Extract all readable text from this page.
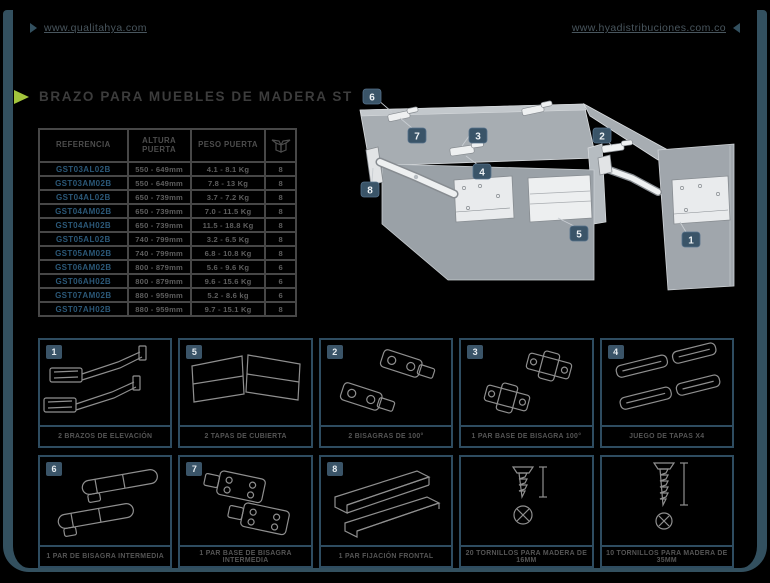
www.qualitahya.com	www.hyadistribuciones.com.co
BRAZO PARA MUEBLES DE MADERA ST
REFERENCIA	ALTURA PUERTA	PESO PUERTA
GST03AL02B	550 - 649mm	4.1 - 8.1 Kg	8
GST03AM02B	550 - 649mm	7.8 - 13 Kg	8
GST04AL02B	650 - 739mm	3.7 - 7.2 Kg	8
GST04AM02B	650 - 739mm	7.0 - 11.5 Kg	8
GST04AH02B	650 - 739mm	11.5 - 18.8 Kg	8
GST05AL02B	740 - 799mm	3.2 - 6.5 Kg	8
GST05AM02B	740 - 799mm	6.8 - 10.8 Kg	8
GST06AM02B	800 - 879mm	5.6 - 9.6 Kg	6
GST06AH02B	800 - 879mm	9.6 - 15.6 Kg	6
GST07AM02B	880 - 959mm	5.2 - 8.6 kg	6
GST07AH02B	880 - 959mm	9.7 - 15.1 Kg	8
6
7	3
4
2
8
5
1
1
2 BRAZOS DE ELEVACIÓN
5
2 TAPAS DE CUBIERTA
2
2 BISAGRAS DE 100°
3
1 PAR BASE DE BISAGRA 100°
4
JUEGO DE TAPAS X4
6
1 PAR DE BISAGRA INTERMEDIA
7
1 PAR BASE DE BISAGRA INTERMEDIA
8
1 PAR FIJACIÓN FRONTAL	20 TORNILLOS PARA MADERA DE 16MM
10 TORNILLOS PARA MADERA DE 35MM
